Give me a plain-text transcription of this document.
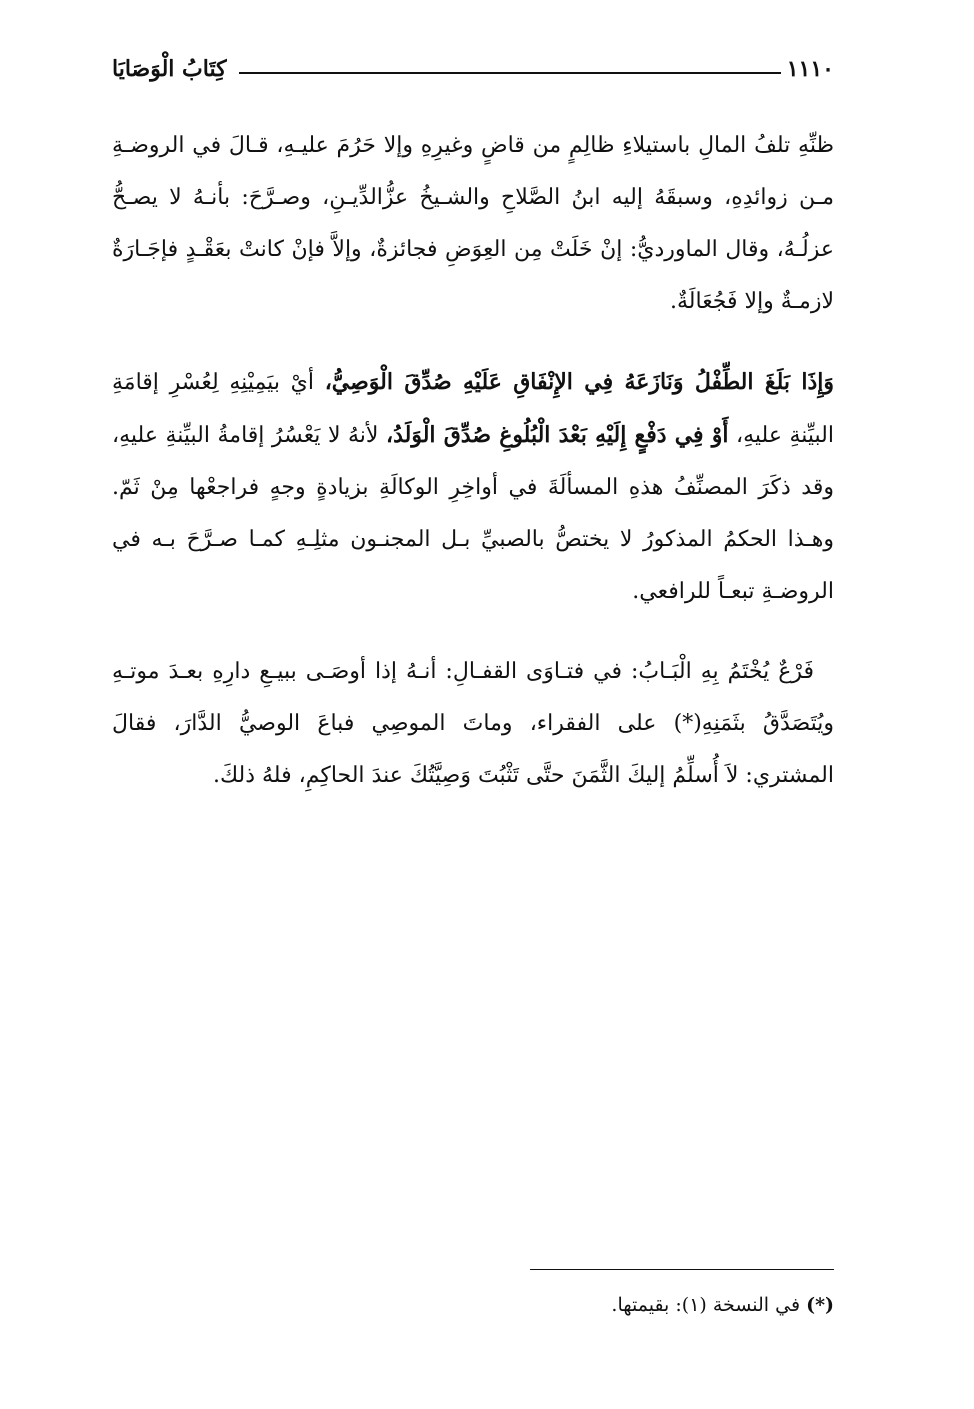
كِتَابُ الْوَصَايَا	١١١٠

ظنِّهِ تلفُ المالِ باستيلاءِ ظالِمٍ من قاضٍ وغيرِهِ وإلا حَرُمَ عليـهِ، قـالَ في الروضـةِ مـن زوائدِهِ، وسبقَهُ إليه ابنُ الصَّلاحِ والشـيخُ عزُّالدِّيـنِ، وصـرَّحَ: بأنـهُ لا يصـحُّ عزلُـهُ، وقال الماورديُّ: إنْ خَلَتْ مِن العِوَضِ فجائزةٌ، وإلاَّ فإنْ كانتْ بعَقْـدٍ فإجَـارَةٌ لازمـةٌ وإلا فَجُعَالَةٌ.

وَإِذَا بَلَغَ الطِّفْلُ وَنَازَعَهُ فِي الإِنْفَاقِ عَلَيْهِ صُدِّقَ الْوَصِيُّ، أيْ بيَمِيْنِهِ لِعُسْرِ إقامَةِ البيِّنةِ عليهِ، أَوْ فِي دَفْعٍ إِلَيْهِ بَعْدَ الْبُلُوغِ صُدِّقَ الْوَلَدُ، لأنهُ لا يَعْسُرُ إقامةُ البيِّنةِ عليهِ، وقد ذكَرَ المصنِّفُ هذهِ المسألَةَ في أواخِرِ الوكالَةِ بزيادةٍ وجهٍ فراجعْها مِنْ ثَمّ. وهـذا الحكمُ المذكورُ لا يختصُّ بالصبيِّ بـل المجنـون مثلِـهِ كمـا صـرَّحَ بـه في الروضـةِ تبعـاً للرافعي.

فَرْعٌ يُخْتَمُ بِهِ الْبَـابُ: في فتـاوَى القفـالِ: أنـهُ إذا أوصَـى ببيـعِ دارِهِ بعـدَ موتـهِ ويُتَصَدَّقُ بثَمَنِهِ(*) على الفقراء، وماتَ الموصِي فباعَ الوصيُّ الدَّارَ، فقالَ المشتري: لاَ أُسلِّمُ إليكَ الثَّمَنَ حتَّى تَثْبُتَ وَصِيَّتُكَ عندَ الحاكِمِ، فلهُ ذلكَ.

(*) في النسخة (١): بقيمتها.
